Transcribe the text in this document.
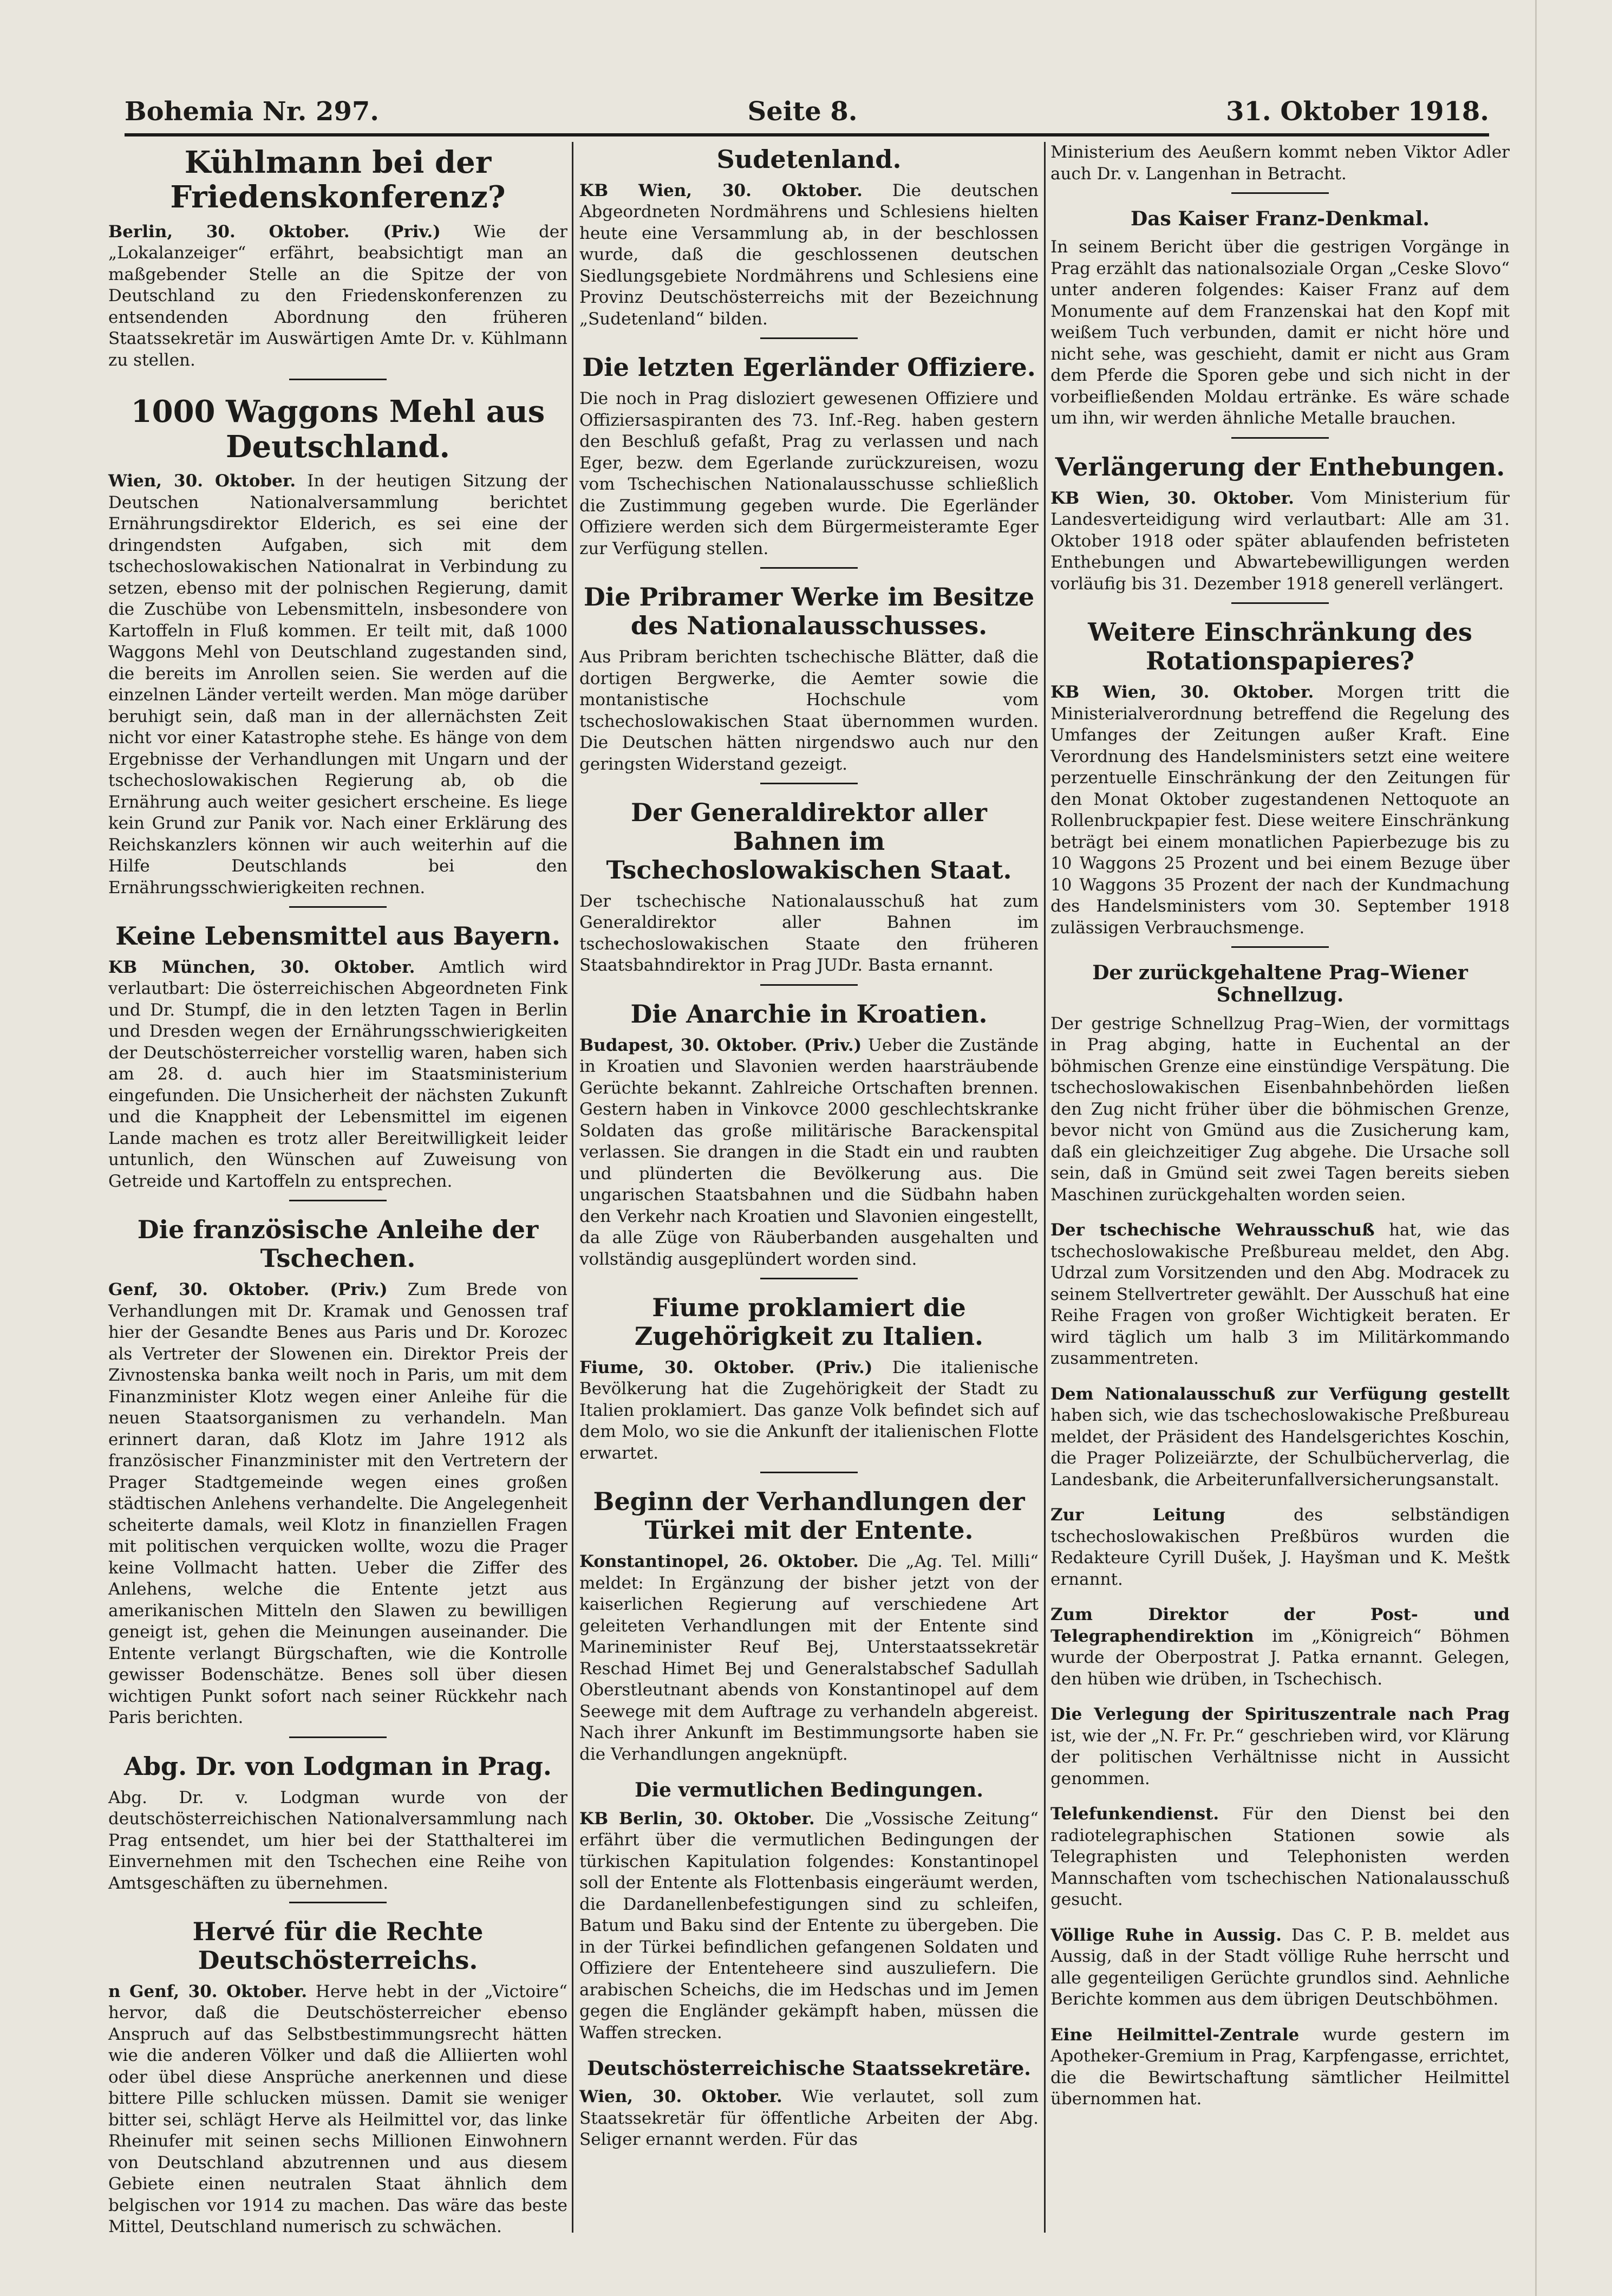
Bohemia Nr. 297.	Seite 8.	31. Oktober 1918.
Kühlmann bei der Friedenskonferenz?

Berlin, 30. Oktober. (Priv.) Wie der „Lokalanzeiger“ erfährt, beabsichtigt man an maßgebender Stelle an die Spitze der von Deutschland zu den Friedenskonferenzen zu entsendenden Abordnung den früheren Staatssekretär im Auswärtigen Amte Dr. v. Kühlmann zu stellen.

1000 Waggons Mehl aus Deutschland.

Wien, 30. Oktober. In der heutigen Sitzung der Deutschen Nationalversammlung berichtet Ernährungsdirektor Elderich, es sei eine der dringendsten Aufgaben, sich mit dem tschechoslowakischen Nationalrat in Verbindung zu setzen, ebenso mit der polnischen Regierung, damit die Zuschübe von Lebensmitteln, insbesondere von Kartoffeln in Fluß kommen. Er teilt mit, daß 1000 Waggons Mehl von Deutschland zugestanden sind, die bereits im Anrollen seien. Sie werden auf die einzelnen Länder verteilt werden. Man möge darüber beruhigt sein, daß man in der allernächsten Zeit nicht vor einer Katastrophe stehe. Es hänge von dem Ergebnisse der Verhandlungen mit Ungarn und der tschechoslowakischen Regierung ab, ob die Ernährung auch weiter gesichert erscheine. Es liege kein Grund zur Panik vor. Nach einer Erklärung des Reichskanzlers können wir auch weiterhin auf die Hilfe Deutschlands bei den Ernährungsschwierigkeiten rechnen.

Keine Lebensmittel aus Bayern.

KB München, 30. Oktober. Amtlich wird verlautbart: Die österreichischen Abgeordneten Fink und Dr. Stumpf, die in den letzten Tagen in Berlin und Dresden wegen der Ernährungsschwierigkeiten der Deutschösterreicher vorstellig waren, haben sich am 28. d. auch hier im Staatsministerium eingefunden. Die Unsicherheit der nächsten Zukunft und die Knappheit der Lebensmittel im eigenen Lande machen es trotz aller Bereitwilligkeit leider untunlich, den Wünschen auf Zuweisung von Getreide und Kartoffeln zu entsprechen.

Die französische Anleihe der Tschechen.

Genf, 30. Oktober. (Priv.) Zum Brede von Verhandlungen mit Dr. Kramak und Genossen traf hier der Gesandte Benes aus Paris und Dr. Korozec als Vertreter der Slowenen ein. Direktor Preis der Zivnostenska banka weilt noch in Paris, um mit dem Finanzminister Klotz wegen einer Anleihe für die neuen Staatsorganismen zu verhandeln. Man erinnert daran, daß Klotz im Jahre 1912 als französischer Finanzminister mit den Vertretern der Prager Stadtgemeinde wegen eines großen städtischen Anlehens verhandelte. Die Angelegenheit scheiterte damals, weil Klotz in finanziellen Fragen mit politischen verquicken wollte, wozu die Prager keine Vollmacht hatten. Ueber die Ziffer des Anlehens, welche die Entente jetzt aus amerikanischen Mitteln den Slawen zu bewilligen geneigt ist, gehen die Meinungen auseinander. Die Entente verlangt Bürgschaften, wie die Kontrolle gewisser Bodenschätze. Benes soll über diesen wichtigen Punkt sofort nach seiner Rückkehr nach Paris berichten.

Abg. Dr. von Lodgman in Prag.

Abg. Dr. v. Lodgman wurde von der deutschösterreichischen Nationalversammlung nach Prag entsendet, um hier bei der Statthalterei im Einvernehmen mit den Tschechen eine Reihe von Amtsgeschäften zu übernehmen.

Hervé für die Rechte Deutschösterreichs.

n Genf, 30. Oktober. Herve hebt in der „Victoire“ hervor, daß die Deutschösterreicher ebenso Anspruch auf das Selbstbestimmungsrecht hätten wie die anderen Völker und daß die Alliierten wohl oder übel diese Ansprüche anerkennen und diese bittere Pille schlucken müssen. Damit sie weniger bitter sei, schlägt Herve als Heilmittel vor, das linke Rheinufer mit seinen sechs Millionen Einwohnern von Deutschland abzutrennen und aus diesem Gebiete einen neutralen Staat ähnlich dem belgischen vor 1914 zu machen. Das wäre das beste Mittel, Deutschland numerisch zu schwächen.

Sudetenland.

KB Wien, 30. Oktober. Die deutschen Abgeordneten Nordmährens und Schlesiens hielten heute eine Versammlung ab, in der beschlossen wurde, daß die geschlossenen deutschen Siedlungsgebiete Nordmährens und Schlesiens eine Provinz Deutschösterreichs mit der Bezeichnung „Sudetenland“ bilden.

Die letzten Egerländer Offiziere.

Die noch in Prag disloziert gewesenen Offiziere und Offiziersaspiranten des 73. Inf.-Reg. haben gestern den Beschluß gefaßt, Prag zu verlassen und nach Eger, bezw. dem Egerlande zurückzureisen, wozu vom Tschechischen Nationalausschusse schließlich die Zustimmung gegeben wurde. Die Egerländer Offiziere werden sich dem Bürgermeisteramte Eger zur Verfügung stellen.

Die Pribramer Werke im Besitze des Nationalausschusses.

Aus Pribram berichten tschechische Blätter, daß die dortigen Bergwerke, die Aemter sowie die montanistische Hochschule vom tschechoslowakischen Staat übernommen wurden. Die Deutschen hätten nirgendswo auch nur den geringsten Widerstand gezeigt.

Der Generaldirektor aller Bahnen im Tschechoslowakischen Staat.

Der tschechische Nationalausschuß hat zum Generaldirektor aller Bahnen im tschechoslowakischen Staate den früheren Staatsbahndirektor in Prag JUDr. Basta ernannt.

Die Anarchie in Kroatien.

Budapest, 30. Oktober. (Priv.) Ueber die Zustände in Kroatien und Slavonien werden haarsträubende Gerüchte bekannt. Zahlreiche Ortschaften brennen. Gestern haben in Vinkovce 2000 geschlechtskranke Soldaten das große militärische Barackenspital verlassen. Sie drangen in die Stadt ein und raubten und plünderten die Bevölkerung aus. Die ungarischen Staatsbahnen und die Südbahn haben den Verkehr nach Kroatien und Slavonien eingestellt, da alle Züge von Räuberbanden ausgehalten und vollständig ausgeplündert worden sind.

Fiume proklamiert die Zugehörigkeit zu Italien.

Fiume, 30. Oktober. (Priv.) Die italienische Bevölkerung hat die Zugehörigkeit der Stadt zu Italien proklamiert. Das ganze Volk befindet sich auf dem Molo, wo sie die Ankunft der italienischen Flotte erwartet.

Beginn der Verhandlungen der Türkei mit der Entente.

Konstantinopel, 26. Oktober. Die „Ag. Tel. Milli“ meldet: In Ergänzung der bisher jetzt von der kaiserlichen Regierung auf verschiedene Art geleiteten Verhandlungen mit der Entente sind Marineminister Reuf Bej, Unterstaatssekretär Reschad Himet Bej und Generalstabschef Sadullah Oberstleutnant abends von Konstantinopel auf dem Seewege mit dem Auftrage zu verhandeln abgereist. Nach ihrer Ankunft im Bestimmungsorte haben sie die Verhandlungen angeknüpft.

Die vermutlichen Bedingungen.

KB Berlin, 30. Oktober. Die „Vossische Zeitung“ erfährt über die vermutlichen Bedingungen der türkischen Kapitulation folgendes: Konstantinopel soll der Entente als Flottenbasis eingeräumt werden, die Dardanellenbefestigungen sind zu schleifen, Batum und Baku sind der Entente zu übergeben. Die in der Türkei befindlichen gefangenen Soldaten und Offiziere der Ententeheere sind auszuliefern. Die arabischen Scheichs, die im Hedschas und im Jemen gegen die Engländer gekämpft haben, müssen die Waffen strecken.

Deutschösterreichische Staatssekretäre.

Wien, 30. Oktober. Wie verlautet, soll zum Staatssekretär für öffentliche Arbeiten der Abg. Seliger ernannt werden. Für das

Ministerium des Aeußern kommt neben Viktor Adler auch Dr. v. Langenhan in Betracht.

Das Kaiser Franz-Denkmal.

In seinem Bericht über die gestrigen Vorgänge in Prag erzählt das nationalsoziale Organ „Ceske Slovo“ unter anderen folgendes: Kaiser Franz auf dem Monumente auf dem Franzenskai hat den Kopf mit weißem Tuch verbunden, damit er nicht höre und nicht sehe, was geschieht, damit er nicht aus Gram dem Pferde die Sporen gebe und sich nicht in der vorbeifließenden Moldau ertränke. Es wäre schade um ihn, wir werden ähnliche Metalle brauchen.

Verlängerung der Enthebungen.

KB Wien, 30. Oktober. Vom Ministerium für Landesverteidigung wird verlautbart: Alle am 31. Oktober 1918 oder später ablaufenden befristeten Enthebungen und Abwartebewilligungen werden vorläufig bis 31. Dezember 1918 generell verlängert.

Weitere Einschränkung des Rotationspapieres?

KB Wien, 30. Oktober. Morgen tritt die Ministerialverordnung betreffend die Regelung des Umfanges der Zeitungen außer Kraft. Eine Verordnung des Handelsministers setzt eine weitere perzentuelle Einschränkung der den Zeitungen für den Monat Oktober zugestandenen Nettoquote an Rollenbruckpapier fest. Diese weitere Einschränkung beträgt bei einem monatlichen Papierbezuge bis zu 10 Waggons 25 Prozent und bei einem Bezuge über 10 Waggons 35 Prozent der nach der Kundmachung des Handelsministers vom 30. September 1918 zulässigen Verbrauchsmenge.

Der zurückgehaltene Prag–Wiener Schnellzug.

Der gestrige Schnellzug Prag–Wien, der vormittags in Prag abging, hatte in Euchental an der böhmischen Grenze eine einstündige Verspätung. Die tschechoslowakischen Eisenbahnbehörden ließen den Zug nicht früher über die böhmischen Grenze, bevor nicht von Gmünd aus die Zusicherung kam, daß ein gleichzeitiger Zug abgehe. Die Ursache soll sein, daß in Gmünd seit zwei Tagen bereits sieben Maschinen zurückgehalten worden seien.

Der tschechische Wehrausschuß hat, wie das tschechoslowakische Preßbureau meldet, den Abg. Udrzal zum Vorsitzenden und den Abg. Modracek zu seinem Stellvertreter gewählt. Der Ausschuß hat eine Reihe Fragen von großer Wichtigkeit beraten. Er wird täglich um halb 3 im Militärkommando zusammentreten.

Dem Nationalausschuß zur Verfügung gestellt haben sich, wie das tschechoslowakische Preßbureau meldet, der Präsident des Handelsgerichtes Koschin, die Prager Polizeiärzte, der Schulbücherverlag, die Landesbank, die Arbeiterunfallversicherungsanstalt.

Zur Leitung	des selbständigen tschechoslowakischen Preßbüros wurden die Redakteure Cyrill Dušek, J. Hayšman und K. Meštk ernannt.

Zum Direktor der Post- und Telegraphendirektion im „Königreich“ Böhmen wurde der Oberpostrat J. Patka ernannt. Gelegen, den hüben wie drüben, in Tschechisch.

Die Verlegung der Spirituszentrale nach Prag ist, wie der „N. Fr. Pr.“ geschrieben wird, vor Klärung der politischen Verhältnisse nicht in Aussicht genommen.

Telefunkendienst. Für den Dienst bei den radiotelegraphischen Stationen sowie als Telegraphisten und Telephonisten werden Mannschaften vom tschechischen Nationalausschuß gesucht.

Völlige Ruhe in Aussig. Das C. P. B. meldet aus Aussig, daß in der Stadt völlige Ruhe herrscht und alle gegenteiligen Gerüchte grundlos sind. Aehnliche Berichte kommen aus dem übrigen Deutschböhmen.

Eine Heilmittel-Zentrale wurde gestern im Apotheker-Gremium in Prag, Karpfengasse, errichtet, die die Bewirtschaftung sämtlicher Heilmittel übernommen hat.
